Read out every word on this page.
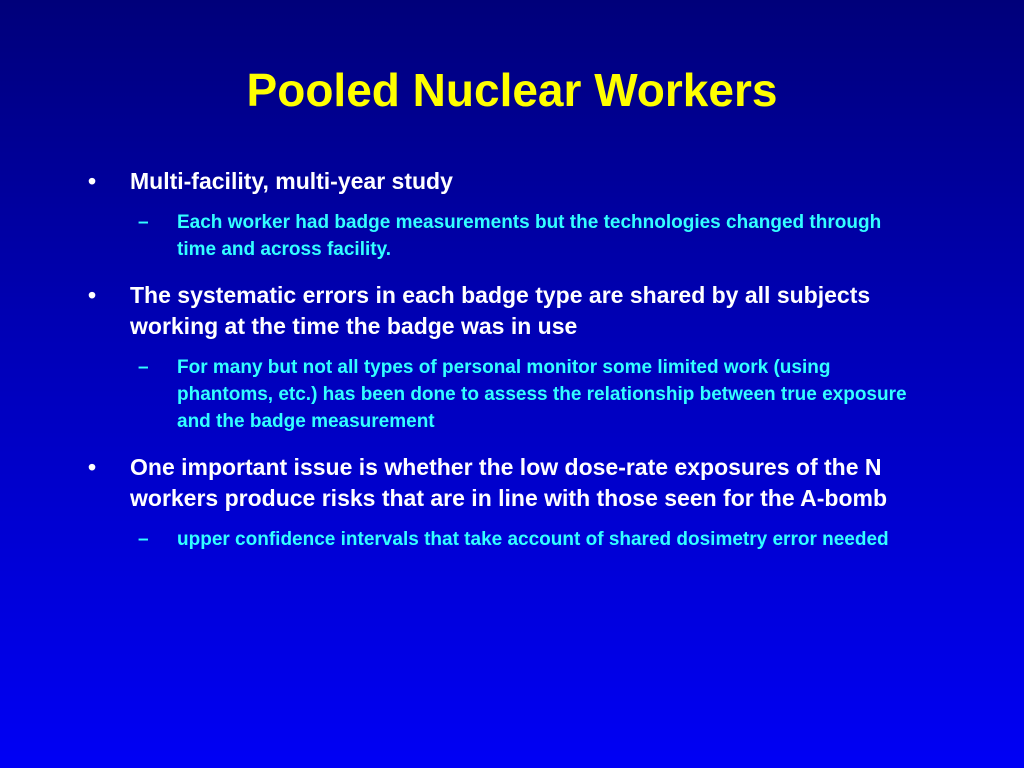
Pooled Nuclear Workers
•	Multi-facility, multi-year study
– Each worker had badge measurements but the technologies changed through time and across facility.
•	The systematic errors in each badge type are shared by all subjects working at the time the badge was in use
– For many but not all types of personal monitor some limited work (using phantoms, etc.) has been done to assess the relationship between true exposure and the badge measurement
•	One important issue is whether the low dose-rate exposures of the N workers produce risks that are in line with those seen for the A-bomb
– upper confidence intervals that take account of shared dosimetry error needed
